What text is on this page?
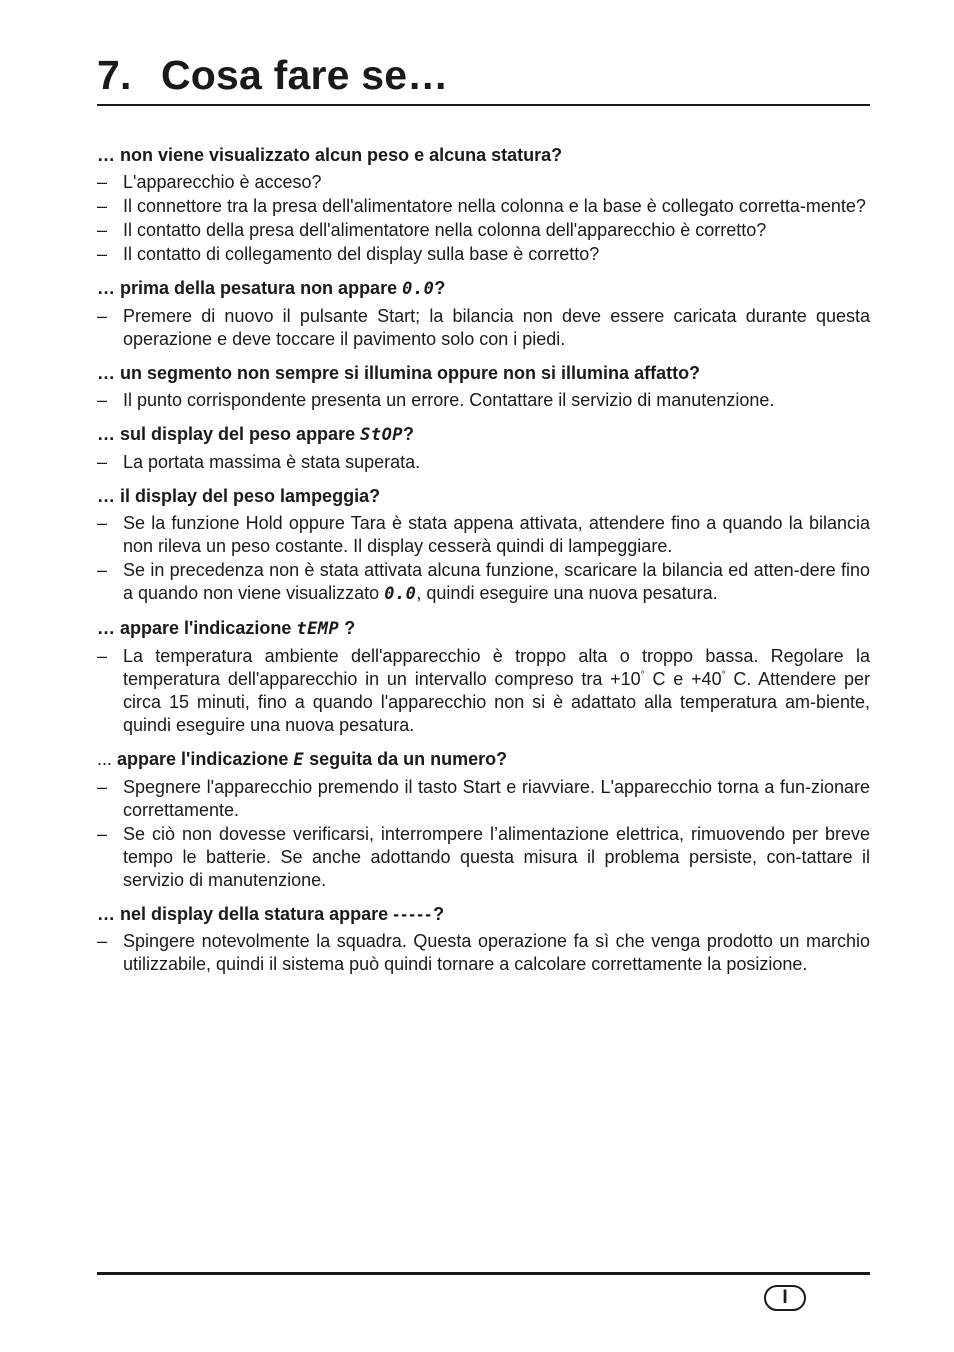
7. Cosa fare se…

… non viene visualizzato alcun peso e alcuna statura?

– L'apparecchio è acceso?
– Il connettore tra la presa dell'alimentatore nella colonna e la base è collegato corretta-mente?
– Il contatto della presa dell'alimentatore nella colonna dell'apparecchio è corretto?
– Il contatto di collegamento del display sulla base è corretto?

… prima della pesatura non appare 0.0?

– Premere di nuovo il pulsante Start; la bilancia non deve essere caricata durante questa operazione e deve toccare il pavimento solo con i piedi.

… un segmento non sempre si illumina oppure non si illumina affatto?

– Il punto corrispondente presenta un errore. Contattare il servizio di manutenzione.

… sul display del peso appare StOP?

– La portata massima è stata superata.

… il display del peso lampeggia?

– Se la funzione Hold oppure Tara è stata appena attivata, attendere fino a quando la bilancia non rileva un peso costante. Il display cesserà quindi di lampeggiare.
– Se in precedenza non è stata attivata alcuna funzione, scaricare la bilancia ed atten-dere fino a quando non viene visualizzato 0.0, quindi eseguire una nuova pesatura.

… appare l'indicazione tEMP ?

– La temperatura ambiente dell'apparecchio è troppo alta o troppo bassa. Regolare la temperatura dell'apparecchio in un intervallo compreso tra +10° C e +40° C. Attendere per circa 15 minuti, fino a quando l'apparecchio non si è adattato alla temperatura am-biente, quindi eseguire una nuova pesatura.

... appare l'indicazione E seguita da un numero?

– Spegnere l'apparecchio premendo il tasto Start e riavviare. L'apparecchio torna a fun-zionare correttamente.
– Se ciò non dovesse verificarsi, interrompere l’alimentazione elettrica, rimuovendo per breve tempo le batterie. Se anche adottando questa misura il problema persiste, con-tattare il servizio di manutenzione.

… nel display della statura appare -----?

– Spingere notevolmente la squadra. Questa operazione fa sì che venga prodotto un marchio utilizzabile, quindi il sistema può quindi tornare a calcolare correttamente la posizione.
I
